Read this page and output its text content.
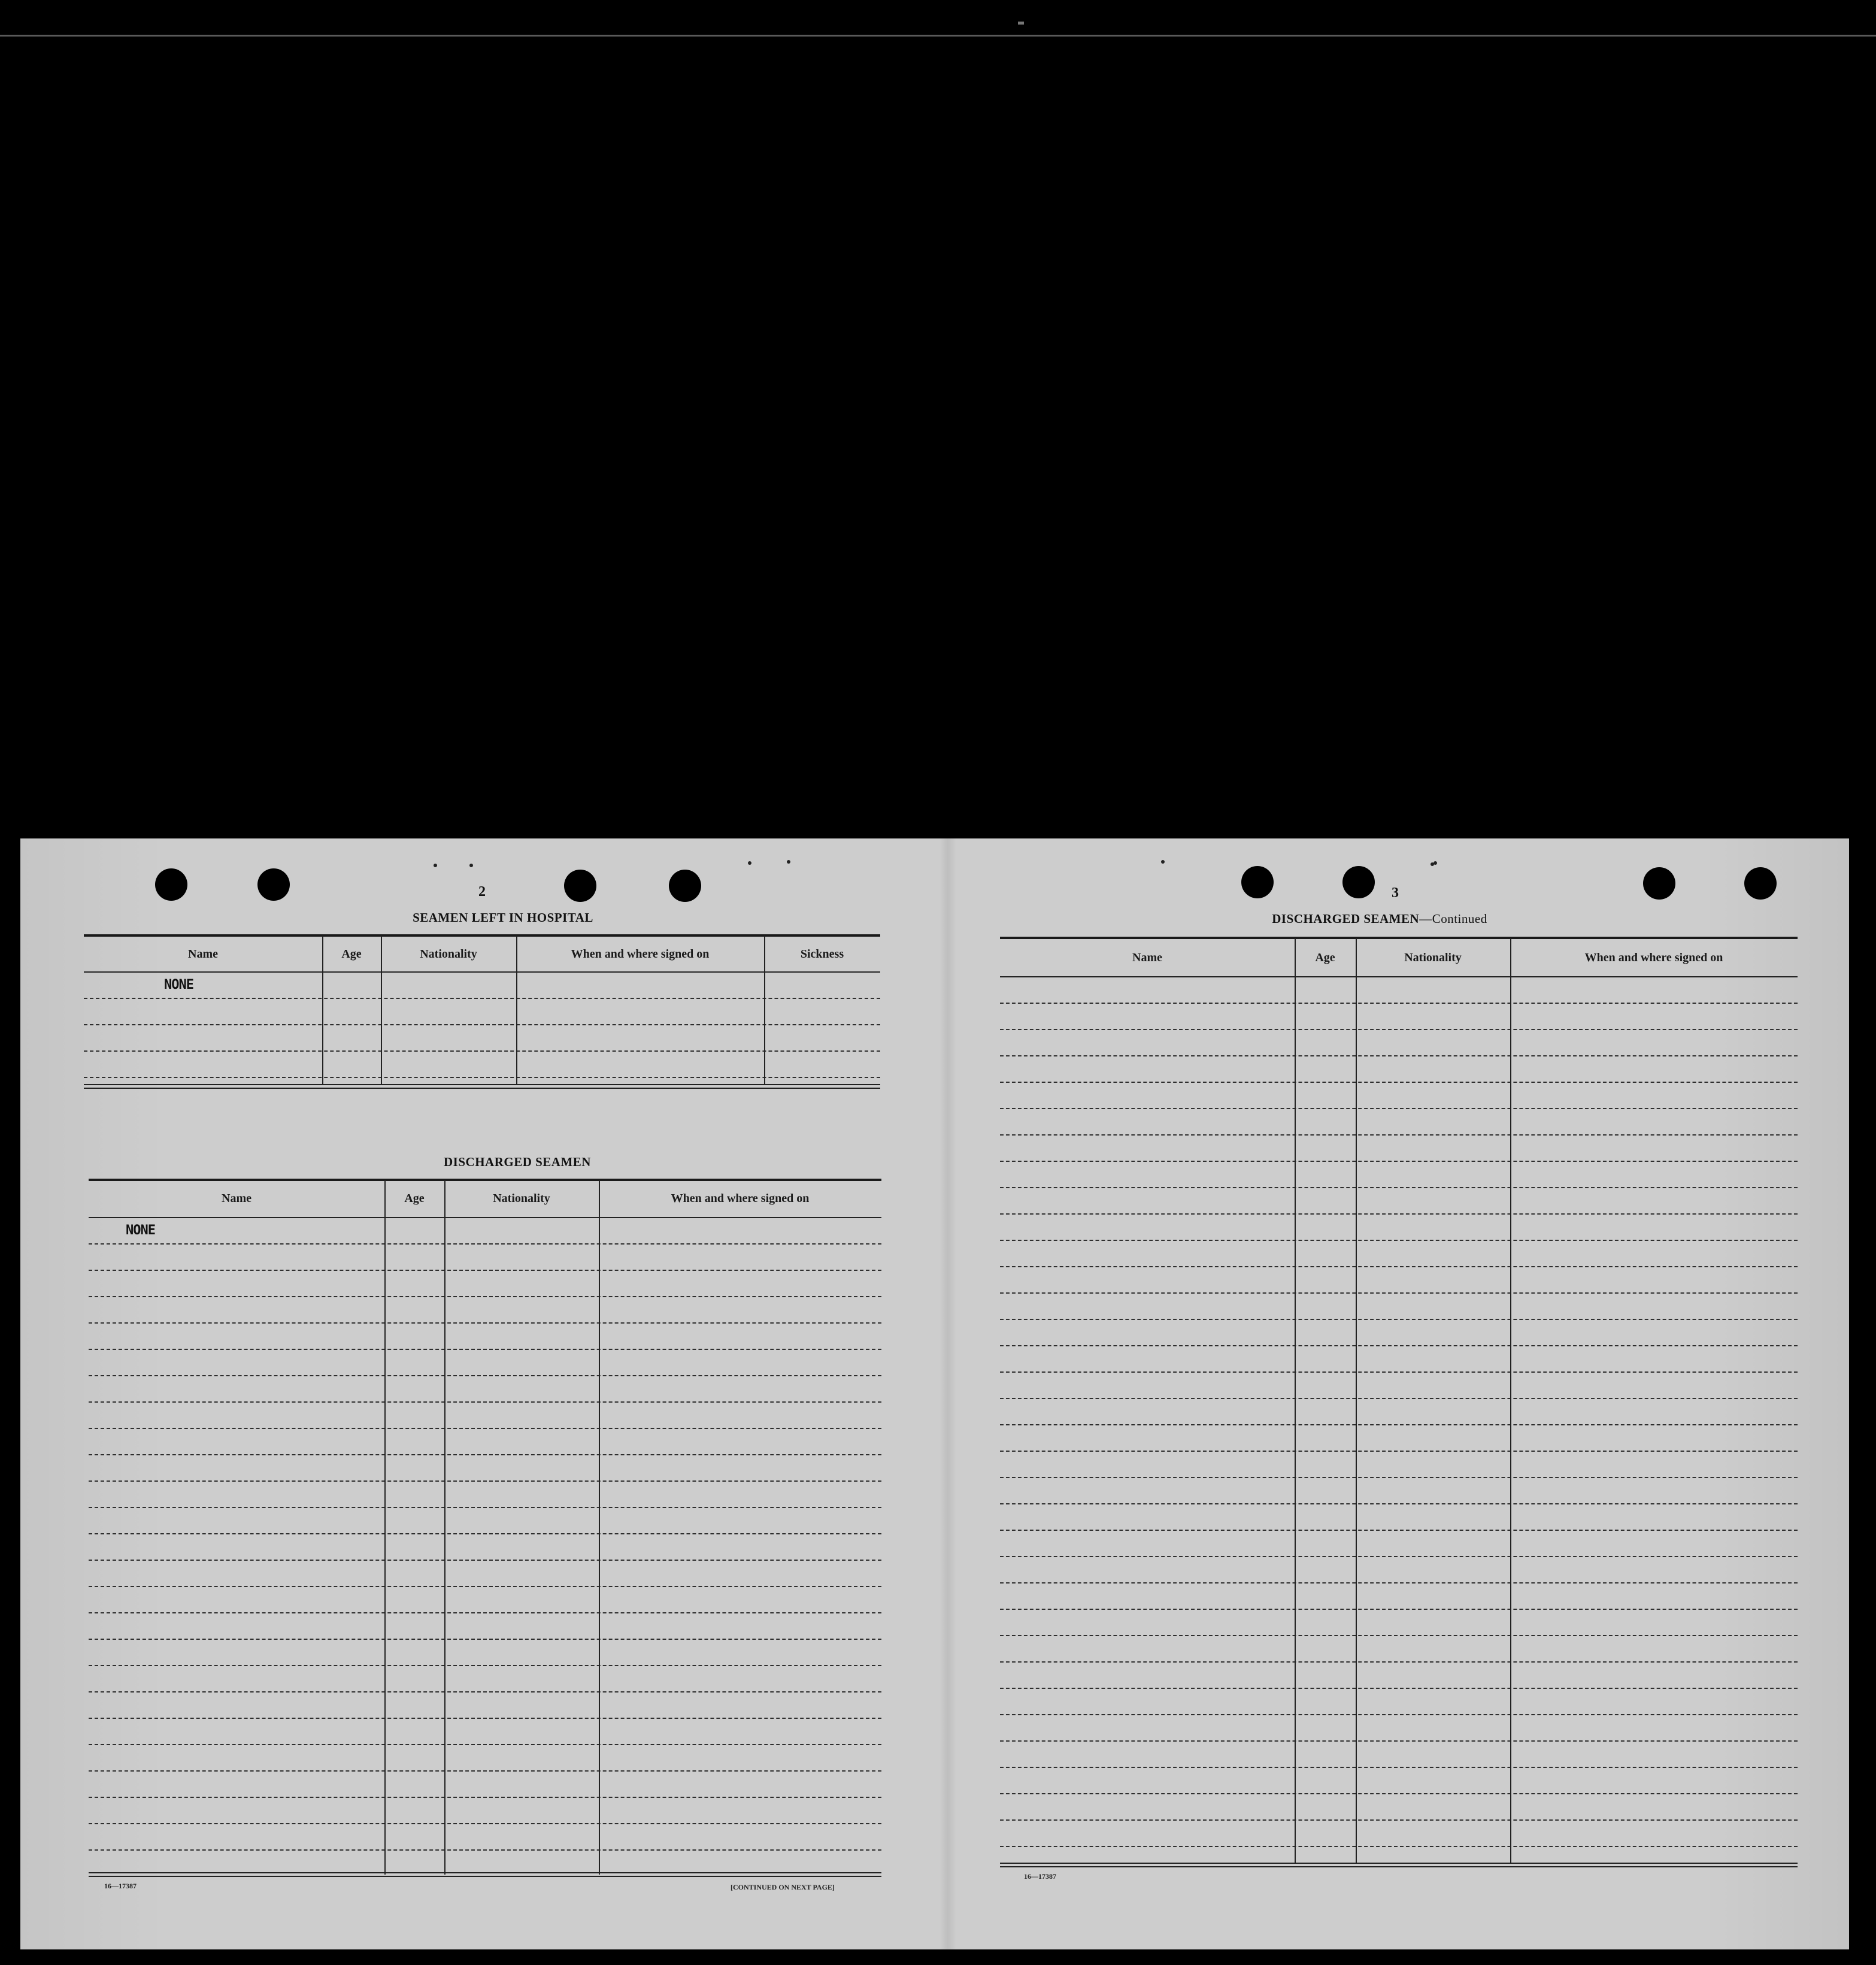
2	3
SEAMEN LEFT IN HOSPITAL
Name	Age	Nationality	When and where signed on	Sickness
NONE
DISCHARGED SEAMEN
Name	Age	Nationality	When and where signed on
NONE
16—17387	[CONTINUED ON NEXT PAGE]
DISCHARGED SEAMEN—Continued
Name	Age	Nationality	When and where signed on
16—17387
